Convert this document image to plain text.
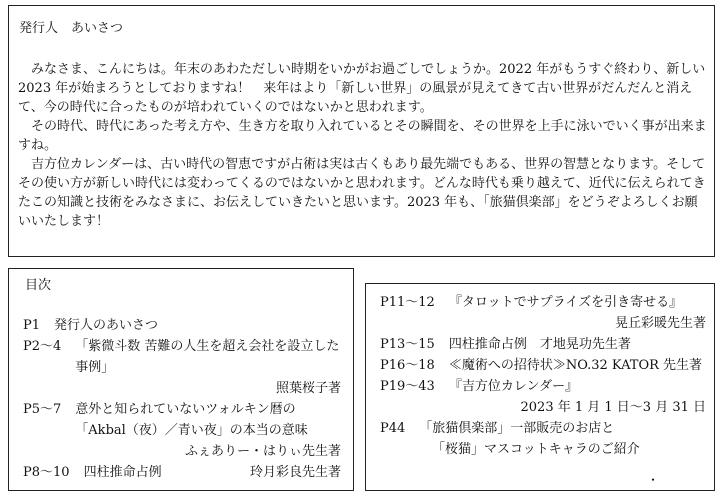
発行人　あいさつ

みなさま、こんにちは。年末のあわただしい時期をいかがお過ごしでしょうか。2022 年がもうすぐ終わり、新しい 2023 年が始まろうとしておりますね！　来年はより「新しい世界」の風景が見えてきて古い世界がだんだんと消えて、今の時代に合ったものが培われていくのではないかと思われます。

その時代、時代にあった考え方や、生き方を取り入れているとその瞬間を、その世界を上手に泳いでいく事が出来ますね。

吉方位カレンダーは、古い時代の智恵ですが占術は実は古くもあり最先端でもある、世界の智慧となります。そしてその使い方が新しい時代には変わってくるのではないかと思われます。どんな時代も乗り越えて、近代に伝えられてきたこの知識と技術をみなさまに、お伝えしていきたいと思います。2023 年も、「旅猫倶楽部」をどうぞよろしくお願いいたします！

目次
P1 発行人のあいさつ
P2～4 「紫微斗数 苦難の人生を超え会社を設立した事例」
照葉桜子著
P5～7 意外と知られていないツォルキン暦の「Akbal（夜）／青い夜」の本当の意味
ふぇありー・はりぃ先生著
P8～10 四柱推命占例	玲月彩良先生著
P11～12 『タロットでサプライズを引き寄せる』
晃丘彩暖先生著
P13～15 四柱推命占例　才地晃功先生著
P16～18 ≪魔術への招待状≫NO.32 KATOR 先生著
P19～43 『吉方位カレンダー』
2023 年 1 月 1 日～3 月 31 日
P44 「旅猫倶楽部」一部販売のお店と
「桜猫」マスコットキャラのご紹介
･
